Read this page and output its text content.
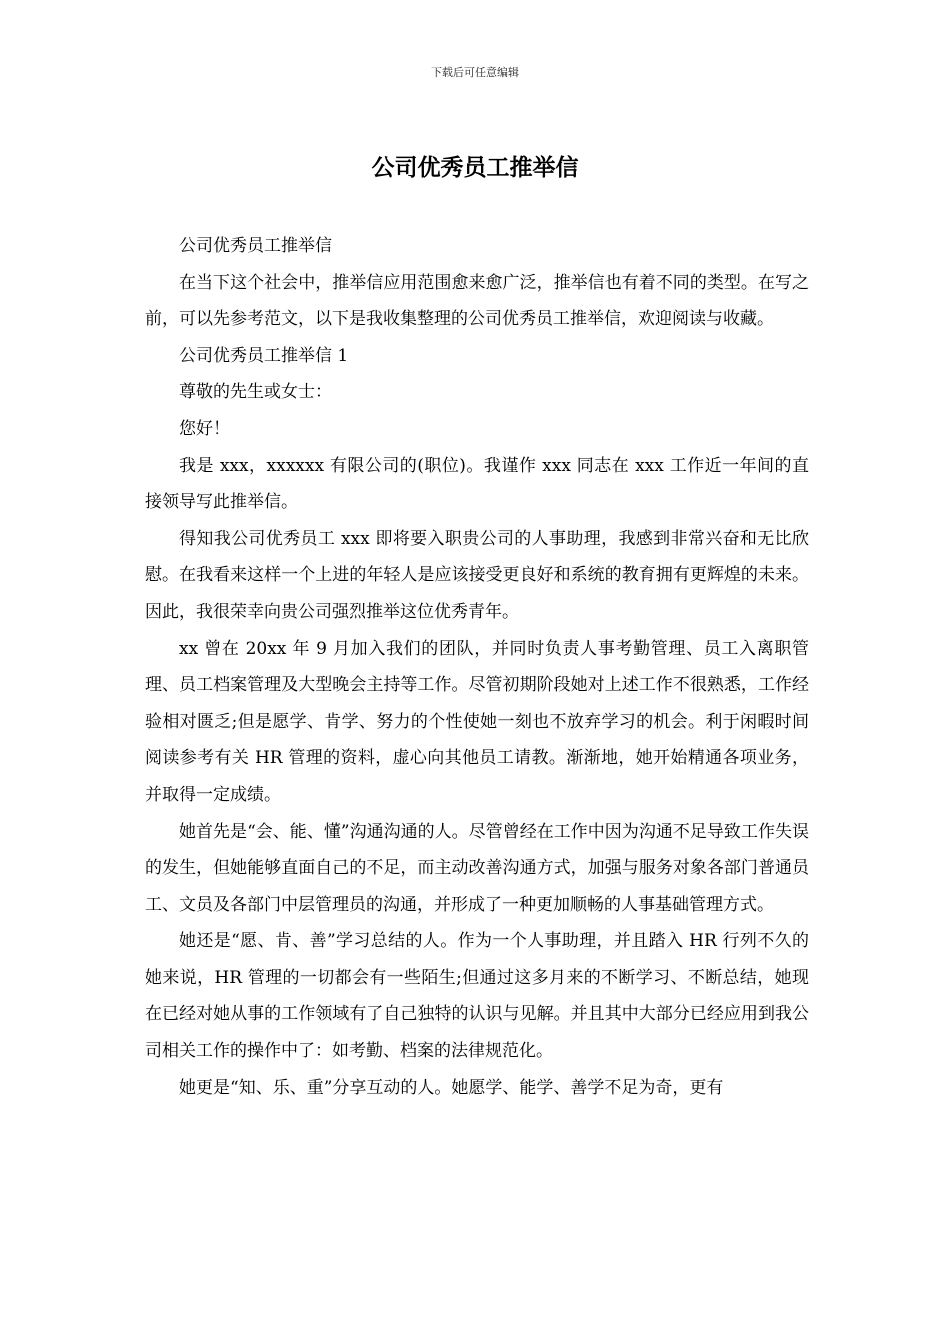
下载后可任意编辑
公司优秀员工推举信

公司优秀员工推举信

在当下这个社会中，推举信应用范围愈来愈广泛，推举信也有着不同的类型。在写之前，可以先参考范文，以下是我收集整理的公司优秀员工推举信，欢迎阅读与收藏。

公司优秀员工推举信 1

尊敬的先生或女士：

您好！

我是 xxx，xxxxxx 有限公司的(职位)。我谨作 xxx 同志在 xxx 工作近一年间的直接领导写此推举信。

得知我公司优秀员工 xxx 即将要入职贵公司的人事助理，我感到非常兴奋和无比欣慰。在我看来这样一个上进的年轻人是应该接受更良好和系统的教育拥有更辉煌的未来。因此，我很荣幸向贵公司强烈推举这位优秀青年。

xx 曾在 20xx 年 9 月加入我们的团队，并同时负责人事考勤管理、员工入离职管理、员工档案管理及大型晚会主持等工作。尽管初期阶段她对上述工作不很熟悉，工作经验相对匮乏;但是愿学、肯学、努力的个性使她一刻也不放弃学习的机会。利于闲暇时间阅读参考有关 HR 管理的资料，虚心向其他员工请教。渐渐地，她开始精通各项业务，并取得一定成绩。

她首先是“会、能、懂”沟通沟通的人。尽管曾经在工作中因为沟通不足导致工作失误的发生，但她能够直面自己的不足，而主动改善沟通方式，加强与服务对象各部门普通员工、文员及各部门中层管理员的沟通，并形成了一种更加顺畅的人事基础管理方式。

她还是“愿、肯、善”学习总结的人。作为一个人事助理，并且踏入 HR 行列不久的她来说，HR 管理的一切都会有一些陌生;但通过这多月来的不断学习、不断总结，她现在已经对她从事的工作领域有了自己独特的认识与见解。并且其中大部分已经应用到我公司相关工作的操作中了：如考勤、档案的法律规范化。

她更是“知、乐、重”分享互动的人。她愿学、能学、善学不足为奇，更有
